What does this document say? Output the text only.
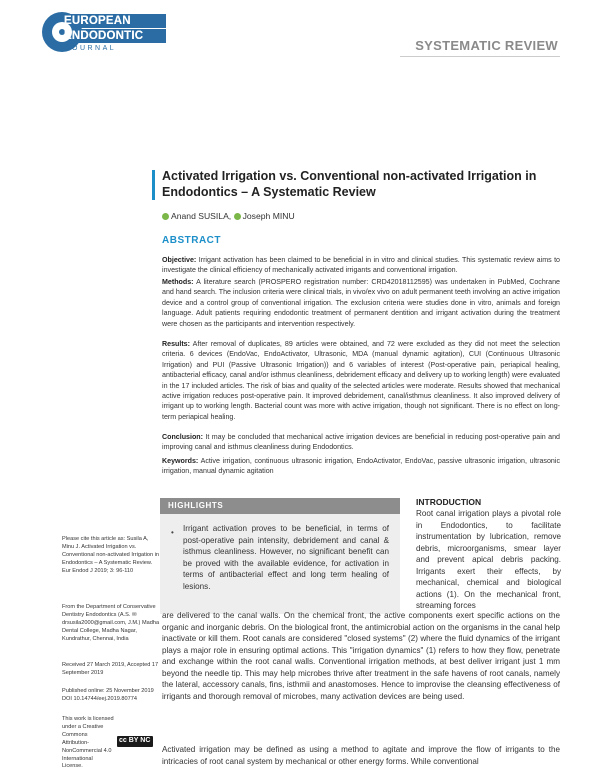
EUROPEAN
ENDODONTIC
JOURNAL	SYSTEMATIC REVIEW
Activated Irrigation vs. Conventional non-activated Irrigation in Endodontics – A Systematic Review
Anand SUSILA, Joseph MINU
ABSTRACT
Objective: Irrigant activation has been claimed to be beneficial in in vitro and clinical studies. This systematic review aims to investigate the clinical efficiency of mechanically activated irrigants and conventional irrigation.
Methods: A literature search (PROSPERO registration number: CRD42018112595) was undertaken in PubMed, Cochrane and hand search. The inclusion criteria were clinical trials, in vivo/ex vivo on adult permanent teeth involving an active irrigation device and a control group of conventional irrigation. The exclusion criteria were studies done in vitro, animals and foreign language. Adult patients requiring endodontic treatment of permanent dentition and irrigant activation during the treatment were chosen as the participants and intervention respectively.
Results: After removal of duplicates, 89 articles were obtained, and 72 were excluded as they did not meet the selection criteria. 6 devices (EndoVac, EndoActivator, Ultrasonic, MDA (manual dynamic agitation), CUI (Continuous Ultrasonic Irrigation) and PUI (Passive Ultrasonic Irrigation)) and 6 variables of interest (Post-operative pain, periapical healing, antibacterial efficacy, canal and/or isthmus cleanliness, debridement efficacy and delivery up to working length) were evaluated in the 17 included articles. The risk of bias and quality of the selected articles were moderate. Results showed that mechanical active irrigation reduces post-operative pain. It improved debridement, canal/isthmus cleanliness. It also improved delivery of irrigant up to working length. Bacterial count was more with active irrigation, though not significant. There is no effect on long-term periapical healing.
Conclusion: It may be concluded that mechanical active irrigation devices are beneficial in reducing post-operative pain and improving canal and isthmus cleanliness during Endodontics.
Keywords: Active irrigation, continuous ultrasonic irrigation, EndoActivator, EndoVac, passive ultrasonic irrigation, ultrasonic irrigation, manual dynamic agitation
HIGHLIGHTS
• Irrigant activation proves to be beneficial, in terms of post-operative pain intensity, debridement and canal & isthmus cleanliness. However, no significant benefit can be proved with the available evidence, for activation in terms of antibacterial effect and long term healing of lesions.
Please cite this article as: Susila A, Minu J. Activated Irrigation vs. Conventional non-activated Irrigation in Endodontics – A Systematic Review. Eur Endod J 2019; 3: 96-110
From the Department of Conservative Dentistry Endodontics (A.S. ✉ drsusila2000@gmail.com, J.M.) Madha Dental College, Madha Nagar, Kundrathur, Chennai, India
Received 27 March 2019, Accepted 17 September 2019
Published online: 25 November 2019 DOI 10.14744/eej.2019.80774
This work is licensed under a Creative Commons Attribution-NonCommercial 4.0 International License.
cc BY NC
INTRODUCTION
Root canal irrigation plays a pivotal role in Endodontics, to facilitate instrumentation by lubrication, remove debris, microorganisms, smear layer and prevent apical debris packing. Irrigants exert their effects, by mechanical, chemical and biological actions (1). On the mechanical front, streaming forces
are delivered to the canal walls. On the chemical front, the active components exert specific actions on the organic and inorganic debris. On the biological front, the antimicrobial action on the organisms in the canal help inactivate or kill them. Root canals are considered "closed systems" (2) where the fluid dynamics of the irrigant plays a major role in ensuring optimal actions. This "irrigation dynamics" (1) refers to how they flow, penetrate and exchange within the root canal walls. Conventional irrigation methods, at best deliver irrigant just 1 mm beyond the needle tip. This may help microbes thrive after treatment in the safe havens of root canals, namely the lateral, accessory canals, fins, isthmii and anastomoses. Hence to improvise the cleansing effectiveness of irrigants and thorough removal of microbes, many activation devices are being used.
Activated irrigation may be defined as using a method to agitate and improve the flow of irrigants to the intricacies of root canal system by mechanical or other energy forms. While conventional
